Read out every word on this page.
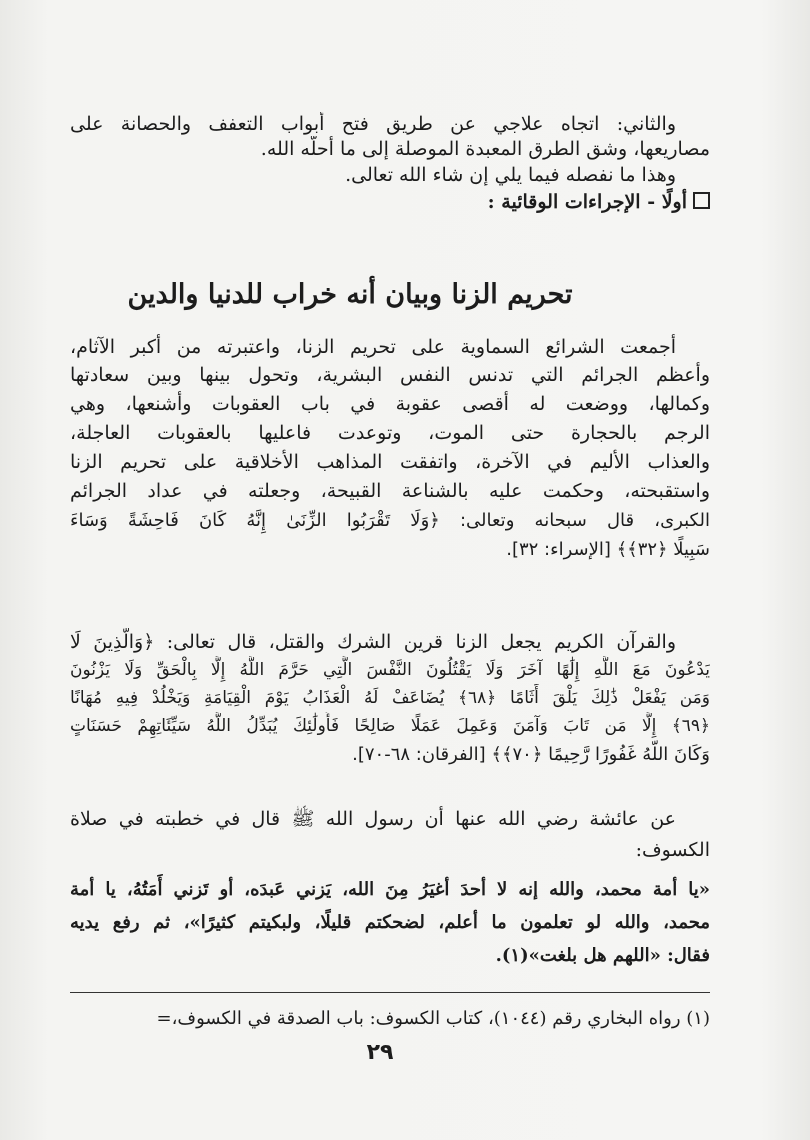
والثاني: اتجاه علاجي عن طريق فتح أبواب التعفف والحصانة على
مصاريعها، وشق الطرق المعبدة الموصلة إلى ما أحلَّه الله.
وهذا ما نفصله فيما يلي إن شاء الله تعالى.
أولًا - الإجراءات الوقائية :
تحريم الزنا وبيان أنه خراب للدنيا والدين
أجمعت الشرائع السماوية على تحريم الزنا، واعتبرته من أكبر الآثام،
وأعظم الجرائم التي تدنس النفس البشرية، وتحول بينها وبين سعادتها
وكمالها، ووضعت له أقصى عقوبة في باب العقوبات وأشنعها، وهي
الرجم بالحجارة حتى الموت، وتوعدت فاعليها بالعقوبات العاجلة،
والعذاب الأليم في الآخرة، واتفقت المذاهب الأخلاقية على تحريم الزنا
واستقبحته، وحكمت عليه بالشناعة القبيحة، وجعلته في عداد الجرائم
الكبرى، قال سبحانه وتعالى: ﴿وَلَا تَقْرَبُوا الزِّنَىٰ إِنَّهُ كَانَ فَاحِشَةً وَسَاءَ
سَبِيلًا ﴿٣٢﴾﴾ [الإسراء: ٣٢].
والقرآن الكريم يجعل الزنا قرين الشرك والقتل، قال تعالى: ﴿وَالَّذِينَ لَا
يَدْعُونَ مَعَ اللَّهِ إِلَٰهًا آخَرَ وَلَا يَقْتُلُونَ النَّفْسَ الَّتِي حَرَّمَ اللَّهُ إِلَّا بِالْحَقِّ وَلَا يَزْنُونَ
وَمَن يَفْعَلْ ذَٰلِكَ يَلْقَ أَثَامًا ﴿٦٨﴾ يُضَاعَفْ لَهُ الْعَذَابُ يَوْمَ الْقِيَامَةِ وَيَخْلُدْ فِيهِ مُهَانًا
﴿٦٩﴾ إِلَّا مَن تَابَ وَآمَنَ وَعَمِلَ عَمَلًا صَالِحًا فَأُولَٰئِكَ يُبَدِّلُ اللَّهُ سَيِّئَاتِهِمْ حَسَنَاتٍ
وَكَانَ اللَّهُ غَفُورًا رَّحِيمًا ﴿٧٠﴾﴾ [الفرقان: ٦٨-٧٠].
عن عائشة رضي الله عنها أن رسول الله ﷺ قال في خطبته في صلاة
الكسوف:
«يا أمة محمد، والله إنه لا أحدَ أغيَرُ مِنَ الله، يَزني عَبدَه، أو تَزني أَمَتُهُ، يا أمة
محمد، والله لو تعلمون ما أعلم، لضحكتم قليلًا، ولبكيتم كثيرًا»، ثم رفع يديه
فقال: «اللهم هل بلغت»(١).
(١) رواه البخاري رقم (١٠٤٤)، كتاب الكسوف: باب الصدقة في الكسوف،=
٢٩
